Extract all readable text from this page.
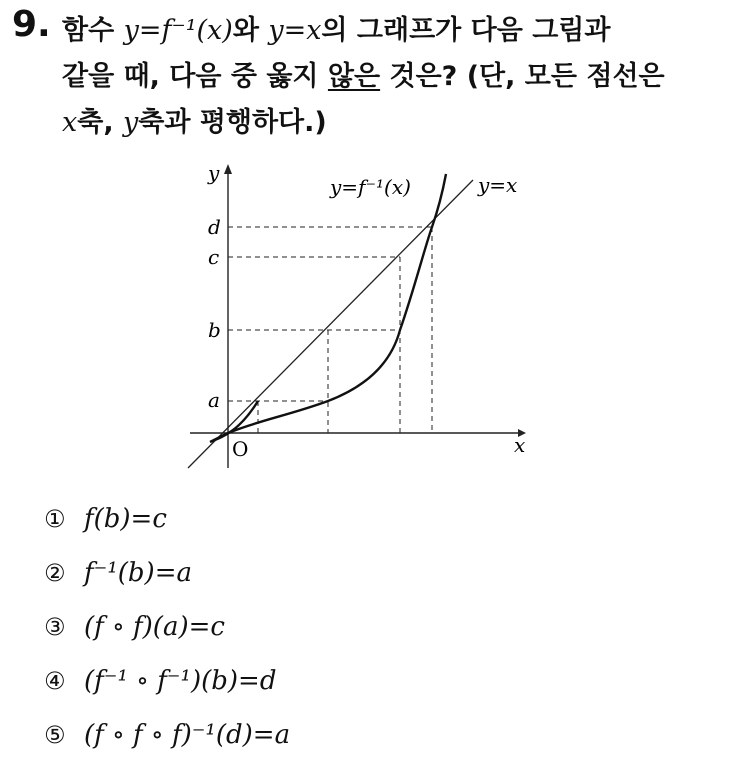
9. 함수 y=f⁻¹(x)와 y=x의 그래프가 다음 그림과
같을 때, 다음 중 옳지 않은 것은? (단, 모든 점선은
x축, y축과 평행하다.)
y
x
O
d
c
b
a
y=f⁻¹(x)	y=x
① f(b)=c
② f⁻¹(b)=a
③ (f ∘ f)(a)=c
④ (f⁻¹ ∘ f⁻¹)(b)=d
⑤ (f ∘ f ∘ f)⁻¹(d)=a
